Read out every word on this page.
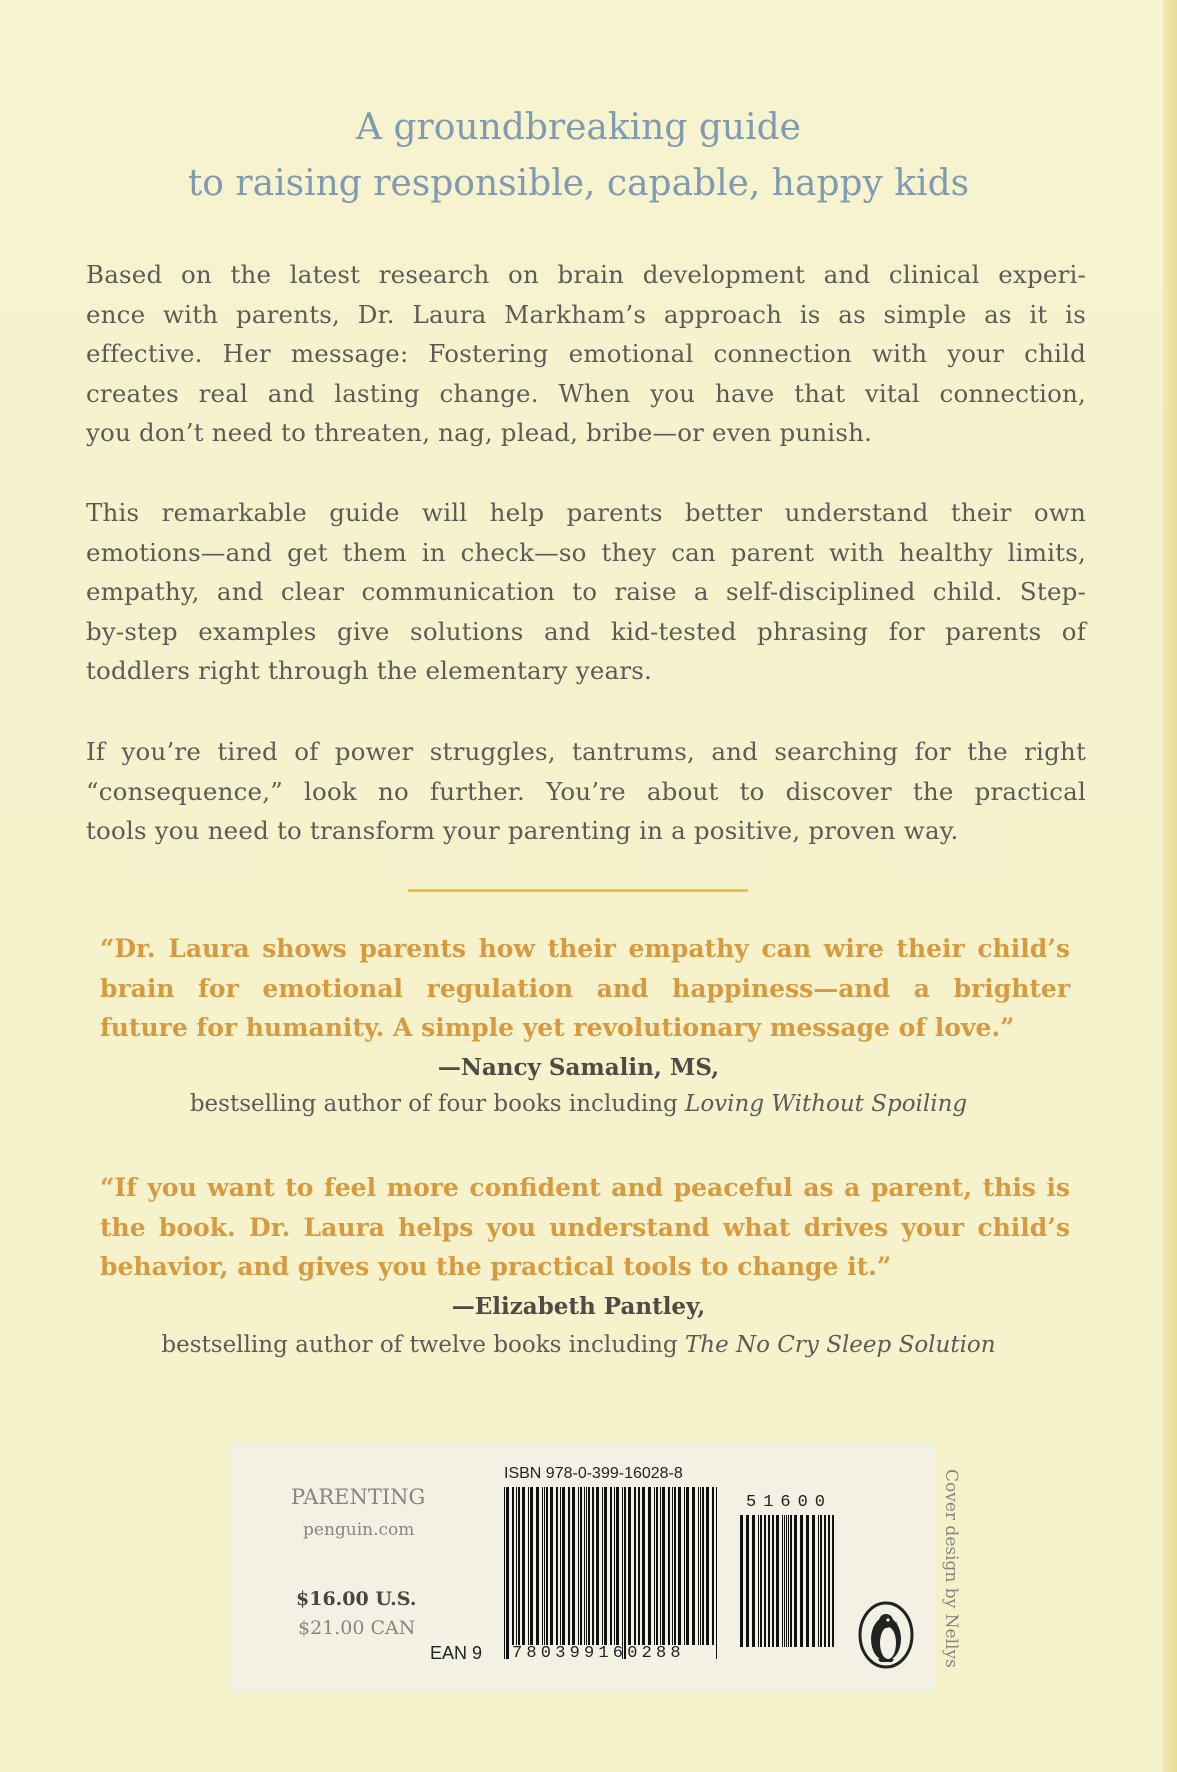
A groundbreaking guide
to raising responsible, capable, happy kids
Based on the latest research on brain development and clinical experi-
ence with parents, Dr. Laura Markham’s approach is as simple as it is
effective. Her message: Fostering emotional connection with your child
creates real and lasting change. When you have that vital connection,
you don’t need to threaten, nag, plead, bribe—or even punish.
This remarkable guide will help parents better understand their own
emotions—and get them in check—so they can parent with healthy limits,
empathy, and clear communication to raise a self-disciplined child. Step-
by-step examples give solutions and kid-tested phrasing for parents of
toddlers right through the elementary years.
If you’re tired of power struggles, tantrums, and searching for the right
“consequence,” look no further. You’re about to discover the practical
tools you need to transform your parenting in a positive, proven way.
“Dr. Laura shows parents how their empathy can wire their child’s
brain for emotional regulation and happiness—and a brighter
future for humanity. A simple yet revolutionary message of love.”
—Nancy Samalin, MS,
bestselling author of four books including Loving Without Spoiling
“If you want to feel more confident and peaceful as a parent, this is
the book. Dr. Laura helps you understand what drives your child’s
behavior, and gives you the practical tools to change it.”
—Elizabeth Pantley,
bestselling author of twelve books including The No Cry Sleep Solution
PARENTING
penguin.com
$16.00 U.S.
$21.00 CAN
ISBN 978-0-399-16028-8
EAN 9 780399160288
51600	Cover design by Nellys
